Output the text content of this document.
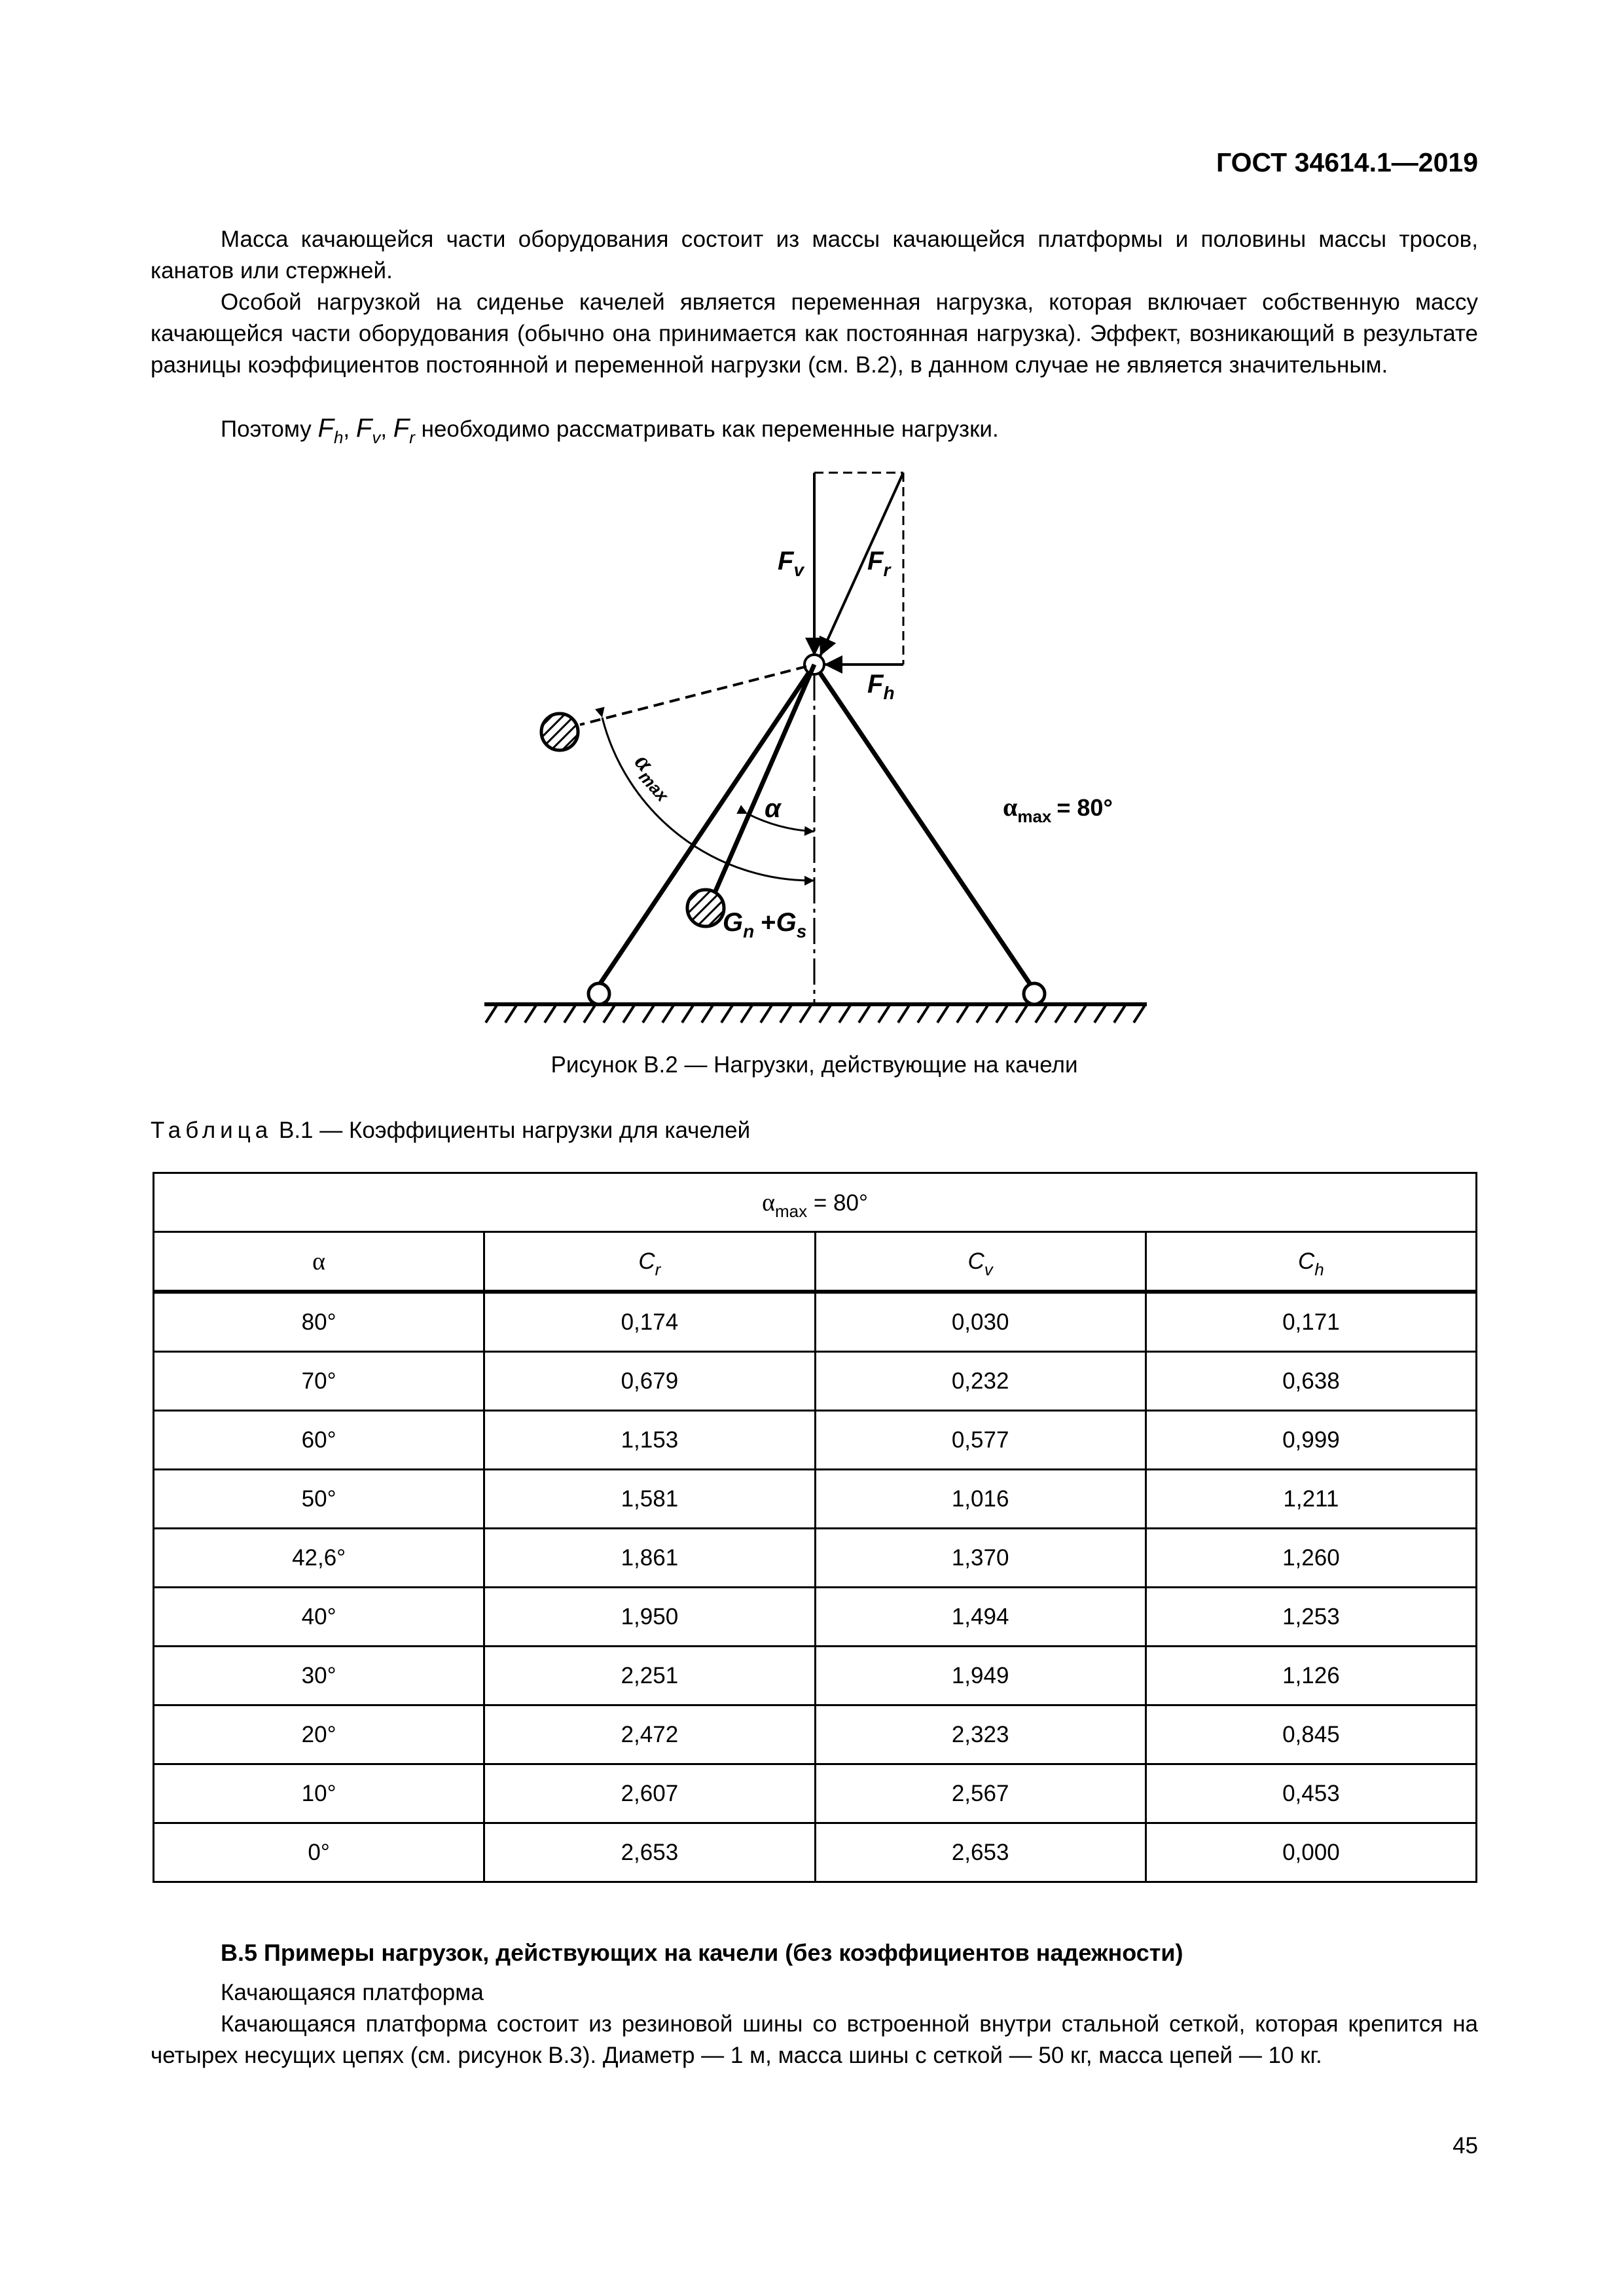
ГОСТ 34614.1—2019

Масса качающейся части оборудования состоит из массы качающейся платформы и половины массы тросов, канатов или стержней.

Особой нагрузкой на сиденье качелей является переменная нагрузка, которая включает собственную массу качающейся части оборудования (обычно она принимается как постоянная нагрузка). Эффект, возникающий в результате разницы коэффициентов постоянной и переменной нагрузки (см. В.2), в данном случае не является значительным.

Поэтому $F_h$, $F_v$, $F_r$ необходимо рассматривать как переменные нагрузки.

$F_v$ $F_r$
$F_h$
α
$\alpha_{max}$
$G_n +G_s$
$\alpha_{max} = 80^\circ$
Рисунок В.2 — Нагрузки, действующие на качели
Таблица В.1 — Коэффициенты нагрузки для качелей
$\alpha_{max} = 80^\circ$			
α	$C_r$	$C_v$	$C_h$
80°	0,174	0,030	0,171
70°	0,679	0,232	0,638
60°	1,153	0,577	0,999
50°	1,581	1,016	1,211
42,6°	1,861	1,370	1,260
40°	1,950	1,494	1,253
30°	2,251	1,949	1,126
20°	2,472	2,323	0,845
10°	2,607	2,567	0,453
0°	2,653	2,653	0,000
В.5 Примеры нагрузок, действующих на качели (без коэффициентов надежности)

Качающаяся платформа

Качающаяся платформа состоит из резиновой шины со встроенной внутри стальной сеткой, которая крепится на четырех несущих цепях (см. рисунок В.3). Диаметр — 1 м, масса шины с сеткой — 50 кг, масса цепей — 10 кг.

45
